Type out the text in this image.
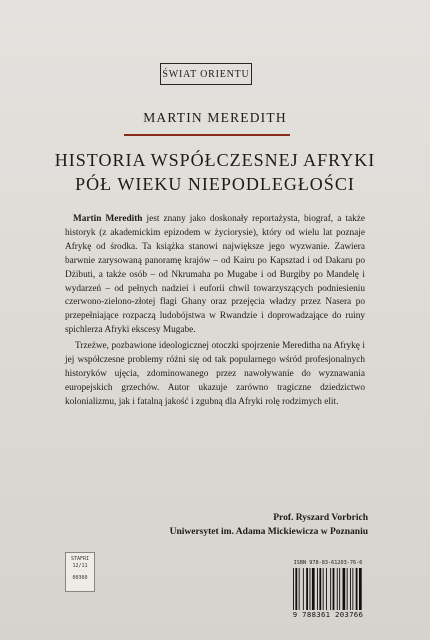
ŚWIAT ORIENTU
MARTIN MEREDITH
HISTORIA WSPÓŁCZESNEJ AFRYKI
PÓŁ WIEKU NIEPODLEGŁOŚCI

Martin Meredith jest znany jako doskonały reportażysta, biograf, a także historyk (z akademickim epizodem w życiorysie), który od wielu lat poznaje Afrykę od środka. Ta książka stanowi największe jego wyzwanie. Zawiera barwnie zarysowaną panoramę krajów – od Kairu po Kapsztad i od Dakaru po Dżibuti, a także osób – od Nkrumaha po Mugabe i od Burgiby po Mandelę i wydarzeń – od pełnych nadziei i euforii chwil towarzyszących podniesieniu czerwono-zielono-złotej flagi Ghany oraz przejęcia władzy przez Nasera po przepełniające rozpaczą ludobójstwa w Rwandzie i doprowadzające do ruiny spichlerza Afryki ekscesy Mugabe.

Trzeźwe, pozbawione ideologicznej otoczki spojrzenie Mereditha na Afrykę i jej współczesne problemy różni się od tak popularnego wśród profesjonalnych historyków ujęcia, zdominowanego przez nawoływanie do wyznawania europejskich grzechów. Autor ukazuje zarówno tragiczne dziedzictwo kolonializmu, jak i fatalną jakość i zgubną dla Afryki rolę rodzimych elit.

Prof. Ryszard Vorbrich
Uniwersytet im. Adama Mickiewicza w Poznaniu
STAFRI
12/11
00360
ISBN 978-83-61203-76-6
9 788361 203766
